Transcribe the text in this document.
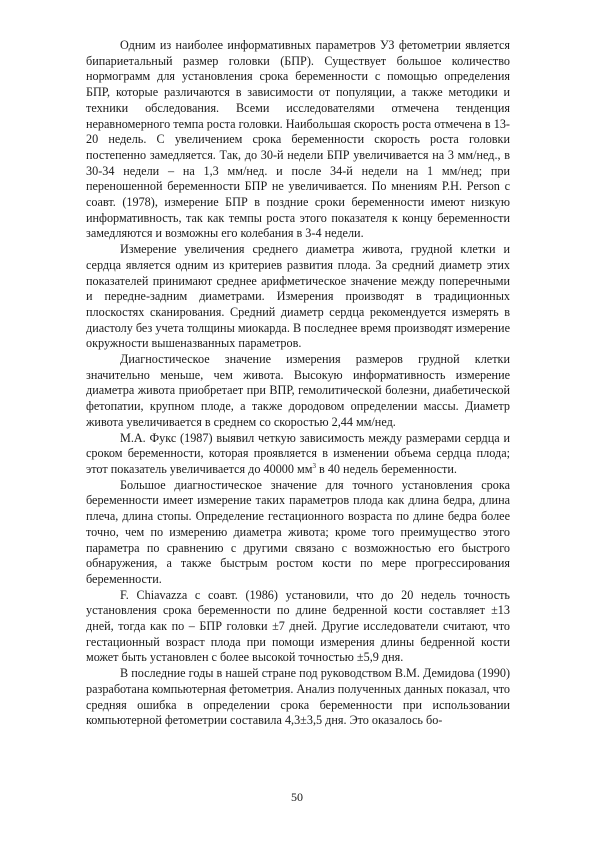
Одним из наиболее информативных параметров УЗ фетометрии является бипариетальный размер головки (БПР). Существует большое количество нормограмм для установления срока беременности с помощью определения БПР, которые различаются в зависимости от популяции, а также методики и техники обследования. Всеми исследователями отмечена тенденция неравномерного темпа роста головки. Наибольшая скорость роста отмечена в 13-20 недель. С увеличением срока беременности скорость роста головки постепенно замедляется. Так, до 30-й недели БПР увеличивается на 3 мм/нед., в 30-34 недели – на 1,3 мм/нед. и после 34-й недели на 1 мм/нед; при переношенной беременности БПР не увеличивается. По мнениям Р.Н. Person с соавт. (1978), измерение БПР в поздние сроки беременности имеют низкую информативность, так как темпы роста этого показателя к концу беременности замедляются и возможны его колебания в 3-4 недели.

Измерение увеличения среднего диаметра живота, грудной клетки и сердца является одним из критериев развития плода. За средний диаметр этих показателей принимают среднее арифметическое значение между поперечными и передне-задним диаметрами. Измерения производят в традиционных плоскостях сканирования. Средний диаметр сердца рекомендуется измерять в диастолу без учета толщины миокарда. В последнее время производят измерение окружности вышеназванных параметров.

Диагностическое значение измерения размеров грудной клетки значительно меньше, чем живота. Высокую информативность измерение диаметра живота приобретает при ВПР, гемолитической болезни, диабетической фетопатии, крупном плоде, а также дородовом определении массы. Диаметр живота увеличивается в среднем со скоростью 2,44 мм/нед.

М.А. Фукс (1987) выявил четкую зависимость между размерами сердца и сроком беременности, которая проявляется в изменении объема сердца плода; этот показатель увеличивается до 40000 $мм^3$ в 40 недель беременности.

Большое диагностическое значение для точного установления срока беременности имеет измерение таких параметров плода как длина бедра, длина плеча, длина стопы. Определение гестационного возраста по длине бедра более точно, чем по измерению диаметра живота; кроме того преимущество этого параметра по сравнению с другими связано с возможностью его быстрого обнаружения, а также быстрым ростом кости по мере прогрессирования беременности.

F. Chiavazza с соавт. (1986) установили, что до 20 недель точность установления срока беременности по длине бедренной кости составляет ±13 дней, тогда как по – БПР головки ±7 дней. Другие исследователи считают, что гестационный возраст плода при помощи измерения длины бедренной кости может быть установлен с более высокой точностью ±5,9 дня.

В последние годы в нашей стране под руководством В.М. Демидова (1990) разработана компьютерная фетометрия. Анализ полученных данных показал, что средняя ошибка в определении срока беременности при использовании компьютерной фетометрии составила 4,3±3,5 дня. Это оказалось бо-

50
